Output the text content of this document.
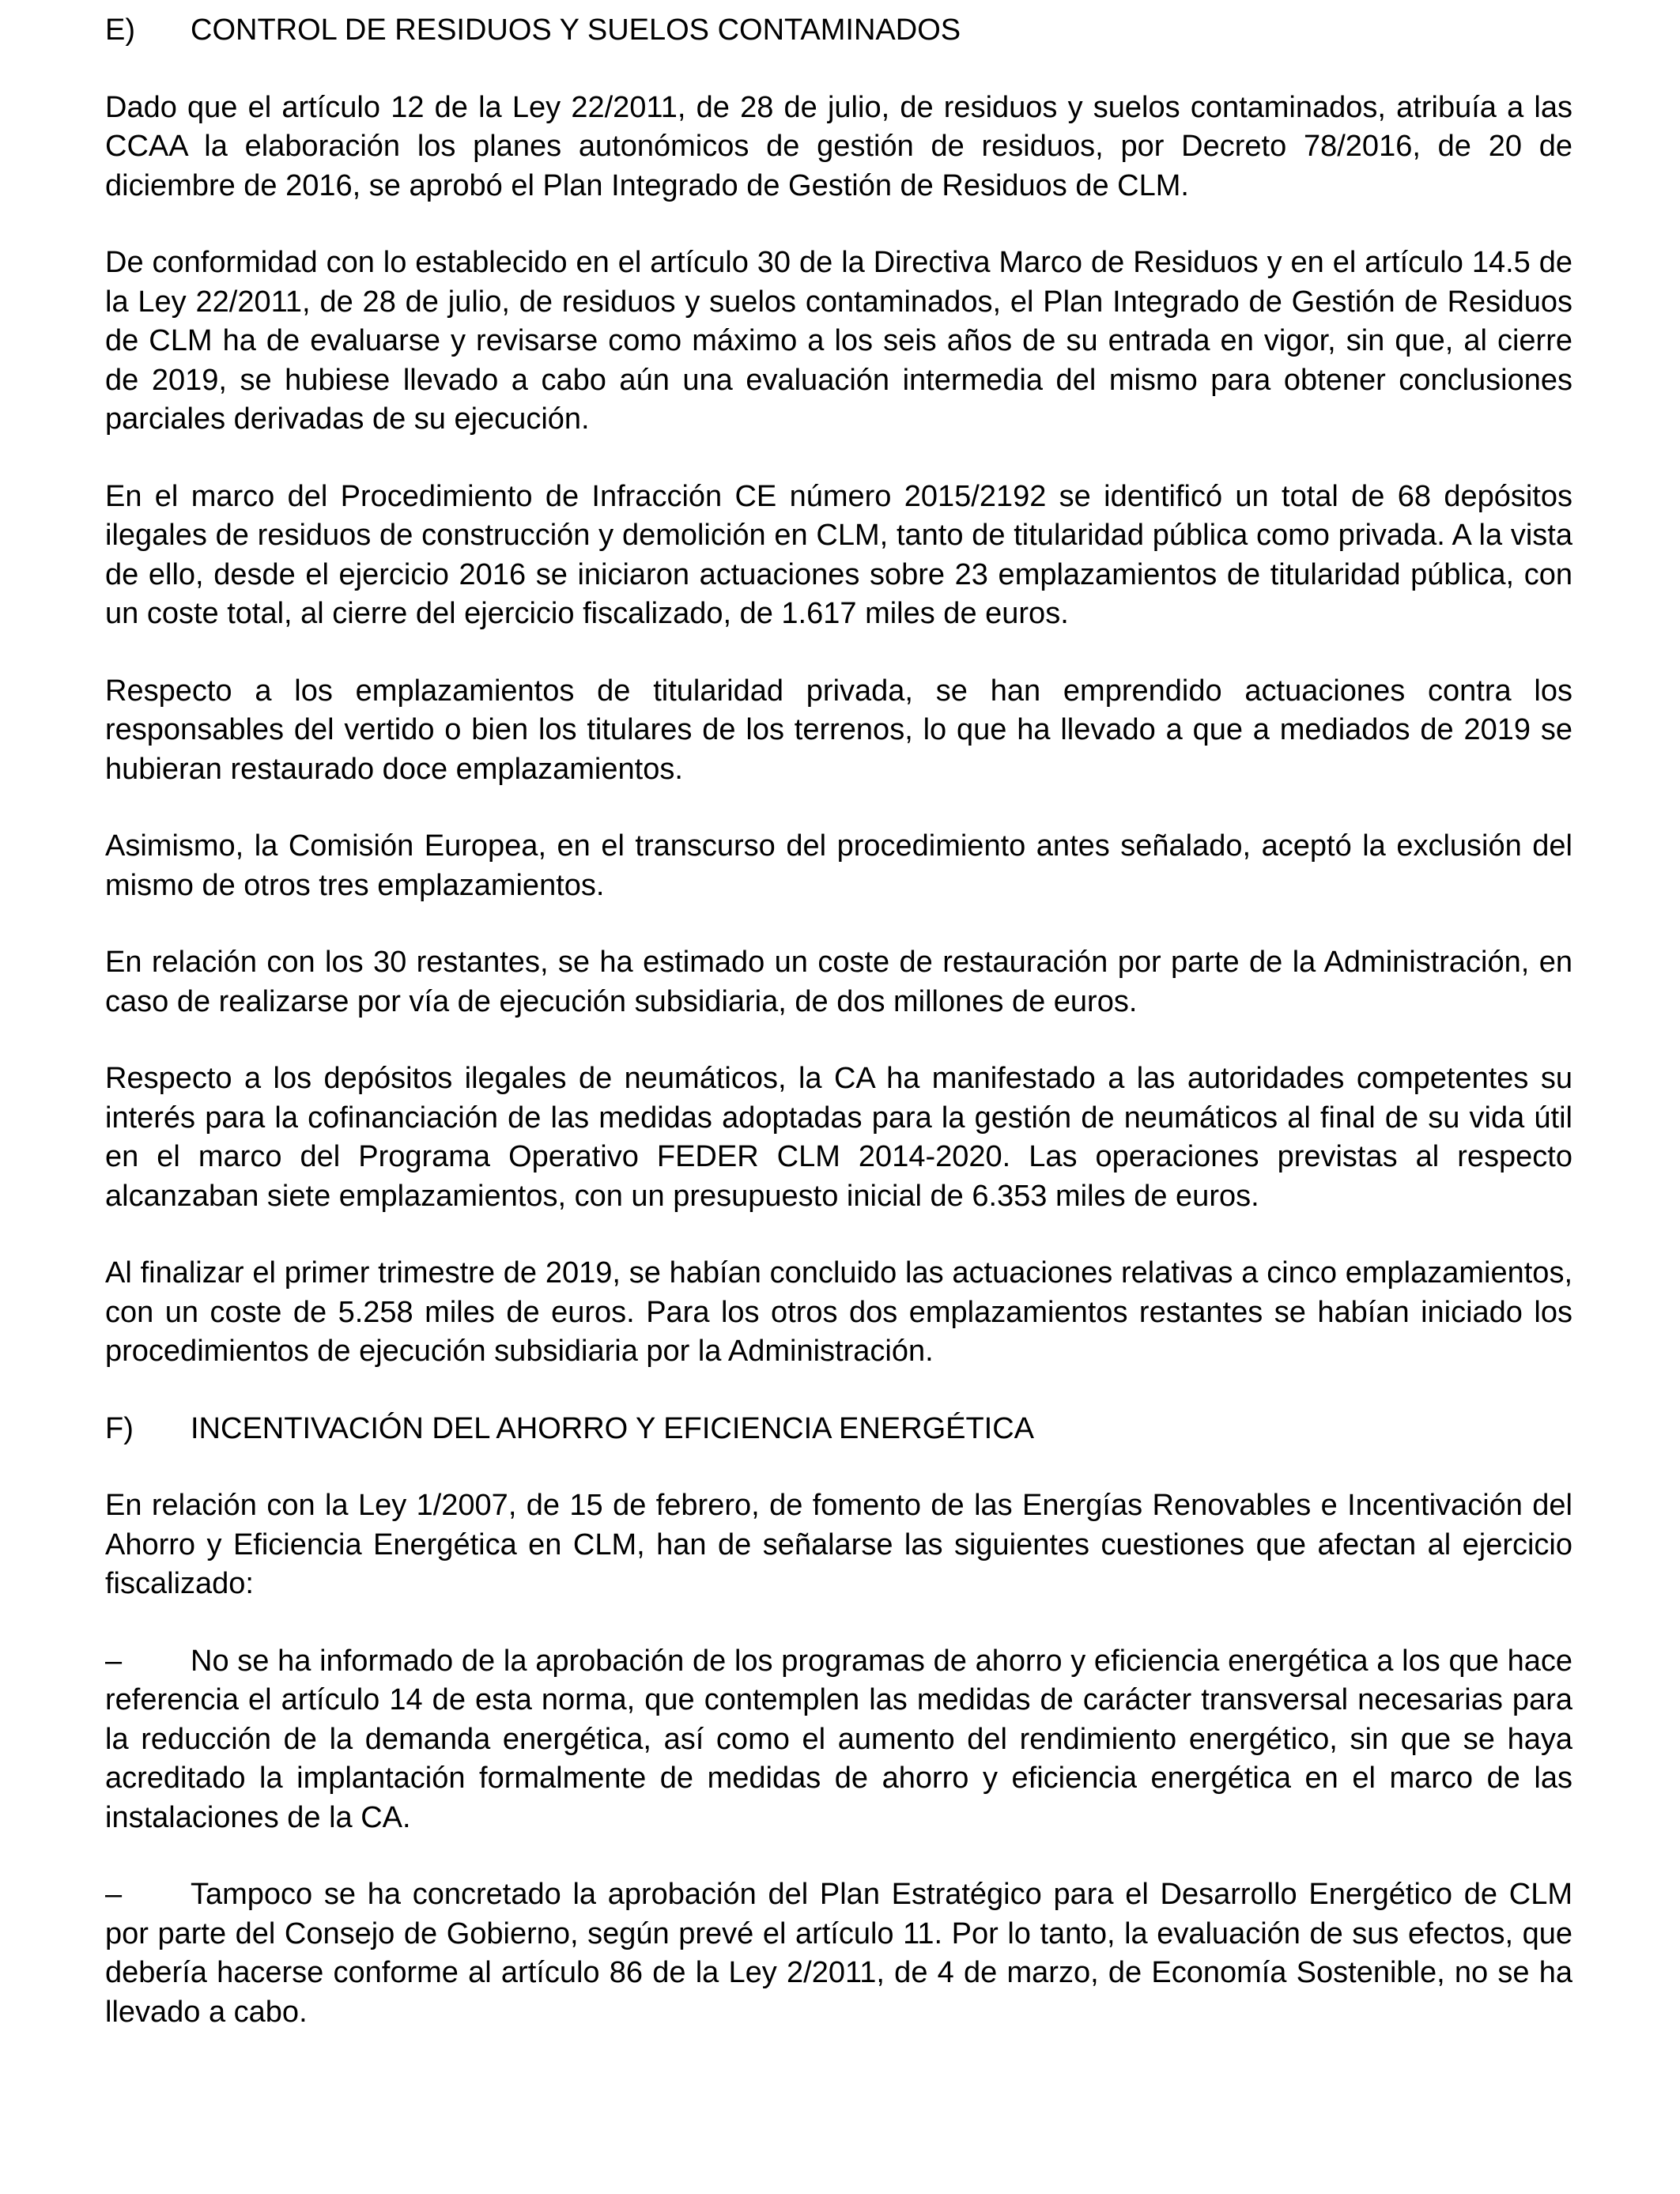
E)	CONTROL DE RESIDUOS Y SUELOS CONTAMINADOS

Dado que el artículo 12 de la Ley 22/2011, de 28 de julio, de residuos y suelos contaminados, atribuía a las CCAA la elaboración los planes autonómicos de gestión de residuos, por Decreto 78/2016, de 20 de diciembre de 2016, se aprobó el Plan Integrado de Gestión de Residuos de CLM.

De conformidad con lo establecido en el artículo 30 de la Directiva Marco de Residuos y en el artículo 14.5 de la Ley 22/2011, de 28 de julio, de residuos y suelos contaminados, el Plan Integrado de Gestión de Residuos de CLM ha de evaluarse y revisarse como máximo a los seis años de su entrada en vigor, sin que, al cierre de 2019, se hubiese llevado a cabo aún una evaluación intermedia del mismo para obtener conclusiones parciales derivadas de su ejecución.

En el marco del Procedimiento de Infracción CE número 2015/2192 se identificó un total de 68 depósitos ilegales de residuos de construcción y demolición en CLM, tanto de titularidad pública como privada. A la vista de ello, desde el ejercicio 2016 se iniciaron actuaciones sobre 23 emplazamientos de titularidad pública, con un coste total, al cierre del ejercicio fiscalizado, de 1.617 miles de euros.

Respecto a los emplazamientos de titularidad privada, se han emprendido actuaciones contra los responsables del vertido o bien los titulares de los terrenos, lo que ha llevado a que a mediados de 2019 se hubieran restaurado doce emplazamientos.

Asimismo, la Comisión Europea, en el transcurso del procedimiento antes señalado, aceptó la exclusión del mismo de otros tres emplazamientos.

En relación con los 30 restantes, se ha estimado un coste de restauración por parte de la Administración, en caso de realizarse por vía de ejecución subsidiaria, de dos millones de euros.

Respecto a los depósitos ilegales de neumáticos, la CA ha manifestado a las autoridades competentes su interés para la cofinanciación de las medidas adoptadas para la gestión de neumáticos al final de su vida útil en el marco del Programa Operativo FEDER CLM 2014-2020. Las operaciones previstas al respecto alcanzaban siete emplazamientos, con un presupuesto inicial de 6.353 miles de euros.

Al finalizar el primer trimestre de 2019, se habían concluido las actuaciones relativas a cinco emplazamientos, con un coste de 5.258 miles de euros. Para los otros dos emplazamientos restantes se habían iniciado los procedimientos de ejecución subsidiaria por la Administración.

F)	INCENTIVACIÓN DEL AHORRO Y EFICIENCIA ENERGÉTICA

En relación con la Ley 1/2007, de 15 de febrero, de fomento de las Energías Renovables e Incentivación del Ahorro y Eficiencia Energética en CLM, han de señalarse las siguientes cuestiones que afectan al ejercicio fiscalizado:

– No se ha informado de la aprobación de los programas de ahorro y eficiencia energética a los que hace referencia el artículo 14 de esta norma, que contemplen las medidas de carácter transversal necesarias para la reducción de la demanda energética, así como el aumento del rendimiento energético, sin que se haya acreditado la implantación formalmente de medidas de ahorro y eficiencia energética en el marco de las instalaciones de la CA.

– Tampoco se ha concretado la aprobación del Plan Estratégico para el Desarrollo Energético de CLM por parte del Consejo de Gobierno, según prevé el artículo 11. Por lo tanto, la evaluación de sus efectos, que debería hacerse conforme al artículo 86 de la Ley 2/2011, de 4 de marzo, de Economía Sostenible, no se ha llevado a cabo.
